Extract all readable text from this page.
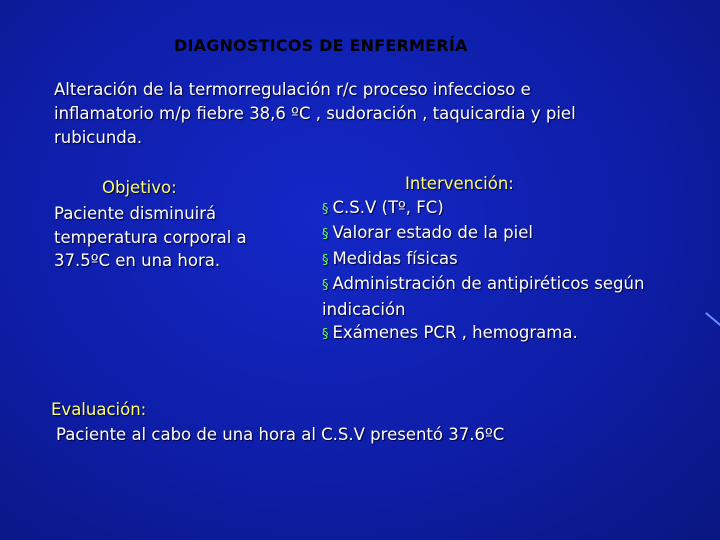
DIAGNOSTICOS DE ENFERMERÍA
Alteración de la termorregulación r/c proceso infeccioso e
inflamatorio m/p fiebre 38,6 ºC , sudoración , taquicardia y piel
rubicunda.
Objetivo:
Paciente disminuirá
temperatura corporal a
37.5ºC en una hora.
Intervención:
§ C.S.V (Tº, FC)
§ Valorar estado de la piel
§ Medidas físicas
§ Administración de antipiréticos según
indicación
§ Exámenes PCR , hemograma.
Evaluación:
Paciente al cabo de una hora al C.S.V presentó 37.6ºC
